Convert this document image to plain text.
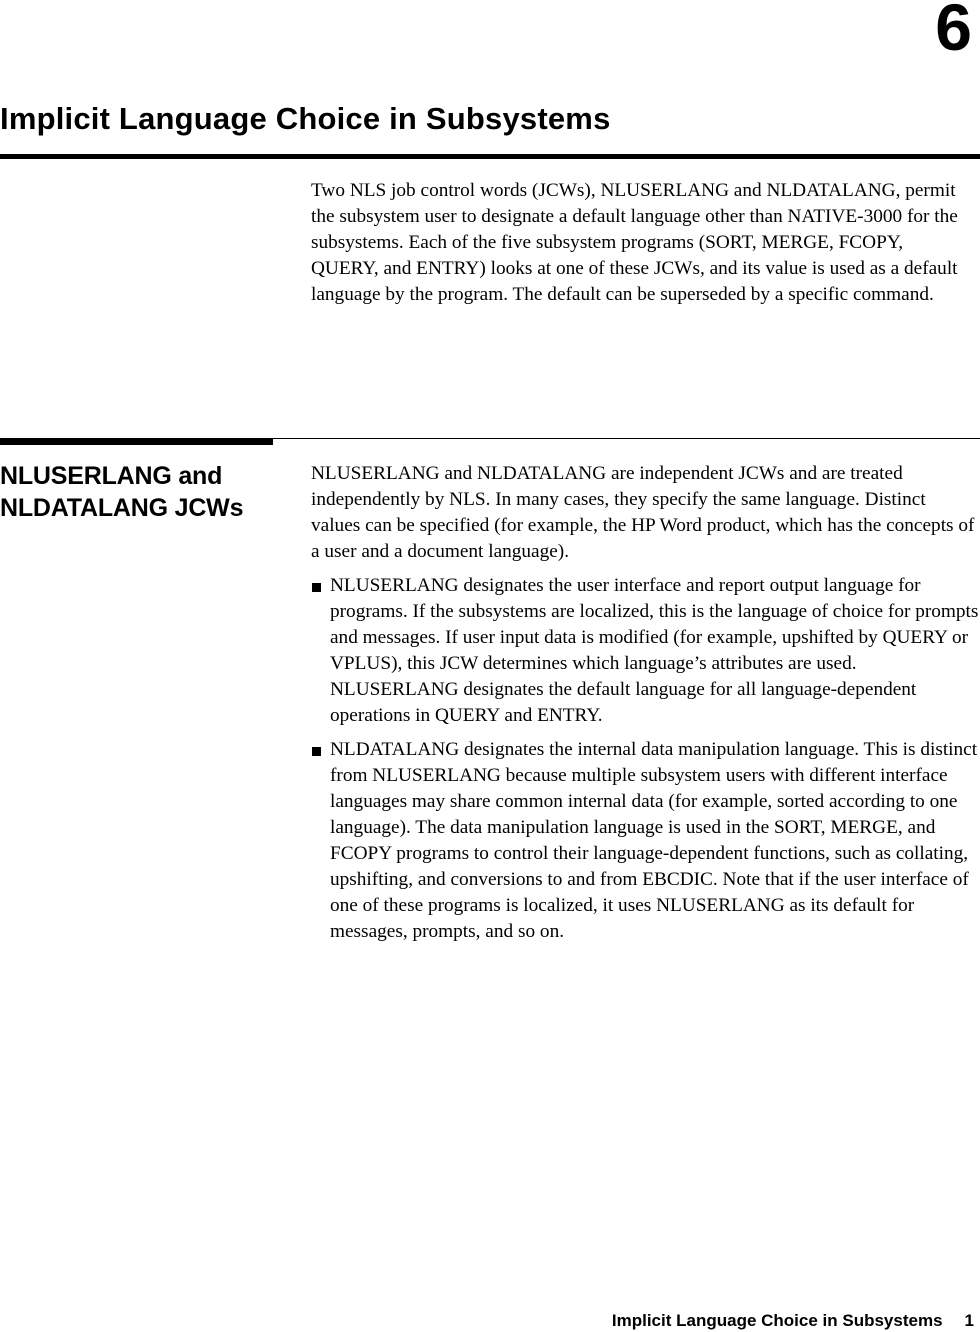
6
Implicit Language Choice in Subsystems

Two NLS job control words (JCWs), NLUSERLANG and NLDATALANG, permit the subsystem user to designate a default language other than NATIVE-3000 for the subsystems. Each of the five subsystem programs (SORT, MERGE, FCOPY, QUERY, and ENTRY) looks at one of these JCWs, and its value is used as a default language by the program. The default can be superseded by a specific command.

NLUSERLANG and
NLDATALANG JCWs

NLUSERLANG and NLDATALANG are independent JCWs and are treated independently by NLS. In many cases, they specify the same language. Distinct values can be specified (for example, the HP Word product, which has the concepts of a user and a document language).

NLUSERLANG designates the user interface and report output language for programs. If the subsystems are localized, this is the language of choice for prompts and messages. If user input data is modified (for example, upshifted by QUERY or VPLUS), this JCW determines which language’s attributes are used. NLUSERLANG designates the default language for all language-dependent operations in QUERY and ENTRY.
NLDATALANG designates the internal data manipulation language. This is distinct from NLUSERLANG because multiple subsystem users with different interface languages may share common internal data (for example, sorted according to one language). The data manipulation language is used in the SORT, MERGE, and FCOPY programs to control their language-dependent functions, such as collating, upshifting, and conversions to and from EBCDIC. Note that if the user interface of one of these programs is localized, it uses NLUSERLANG as its default for messages, prompts, and so on.
Implicit Language Choice in Subsystems 1
